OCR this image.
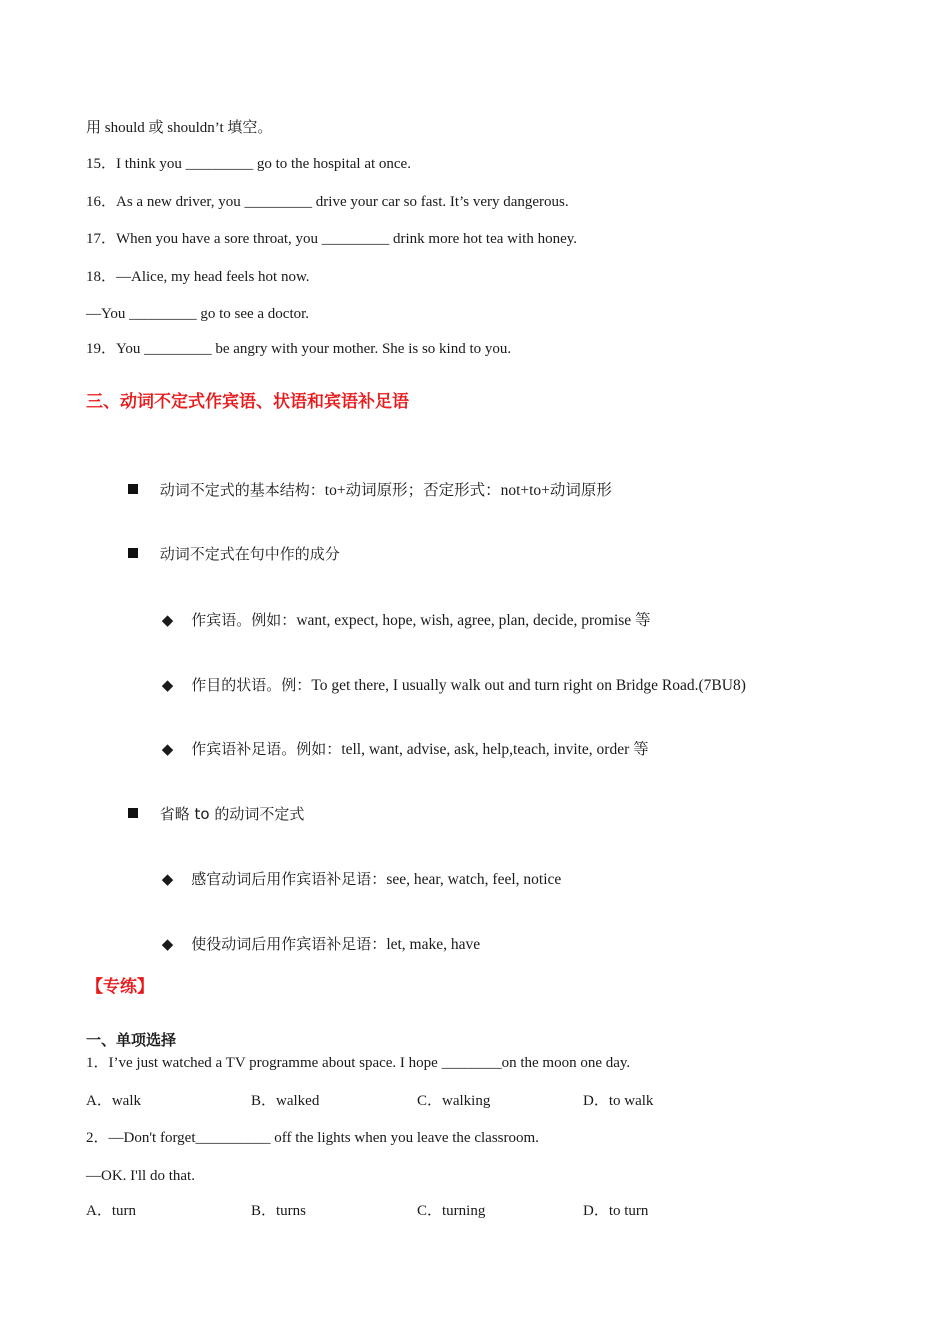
用 should 或 shouldn’t 填空。
15．I think you _________ go to the hospital at once.
16．As a new driver, you _________ drive your car so fast. It’s very dangerous.
17．When you have a sore throat, you _________ drink more hot tea with honey.
18．—Alice, my head feels hot now.
—You _________ go to see a doctor.
19．You _________ be angry with your mother. She is so kind to you.
三、动词不定式作宾语、状语和宾语补足语

动词不定式的基本结构：to+动词原形；否定形式：not+to+动词原形

动词不定式在句中作的成分

◆ 作宾语。例如：want, expect, hope, wish, agree, plan, decide, promise 等

◆ 作目的状语。例：To get there, I usually walk out and turn right on Bridge Road.(7BU8)

◆ 作宾语补足语。例如：tell, want, advise, ask, help,teach, invite, order 等

省略 to 的动词不定式

◆ 感官动词后用作宾语补足语：see, hear, watch, feel, notice

◆ 使役动词后用作宾语补足语：let, make, have

【专练】
一、单项选择
1．I’ve just watched a TV programme about space. I hope ________on the moon one day.
A．walk	B．walked	C．walking	D．to walk
2．—Don't forget__________ off the lights when you leave the classroom.
—OK. I'll do that.
A．turn	B．turns	C．turning	D．to turn
